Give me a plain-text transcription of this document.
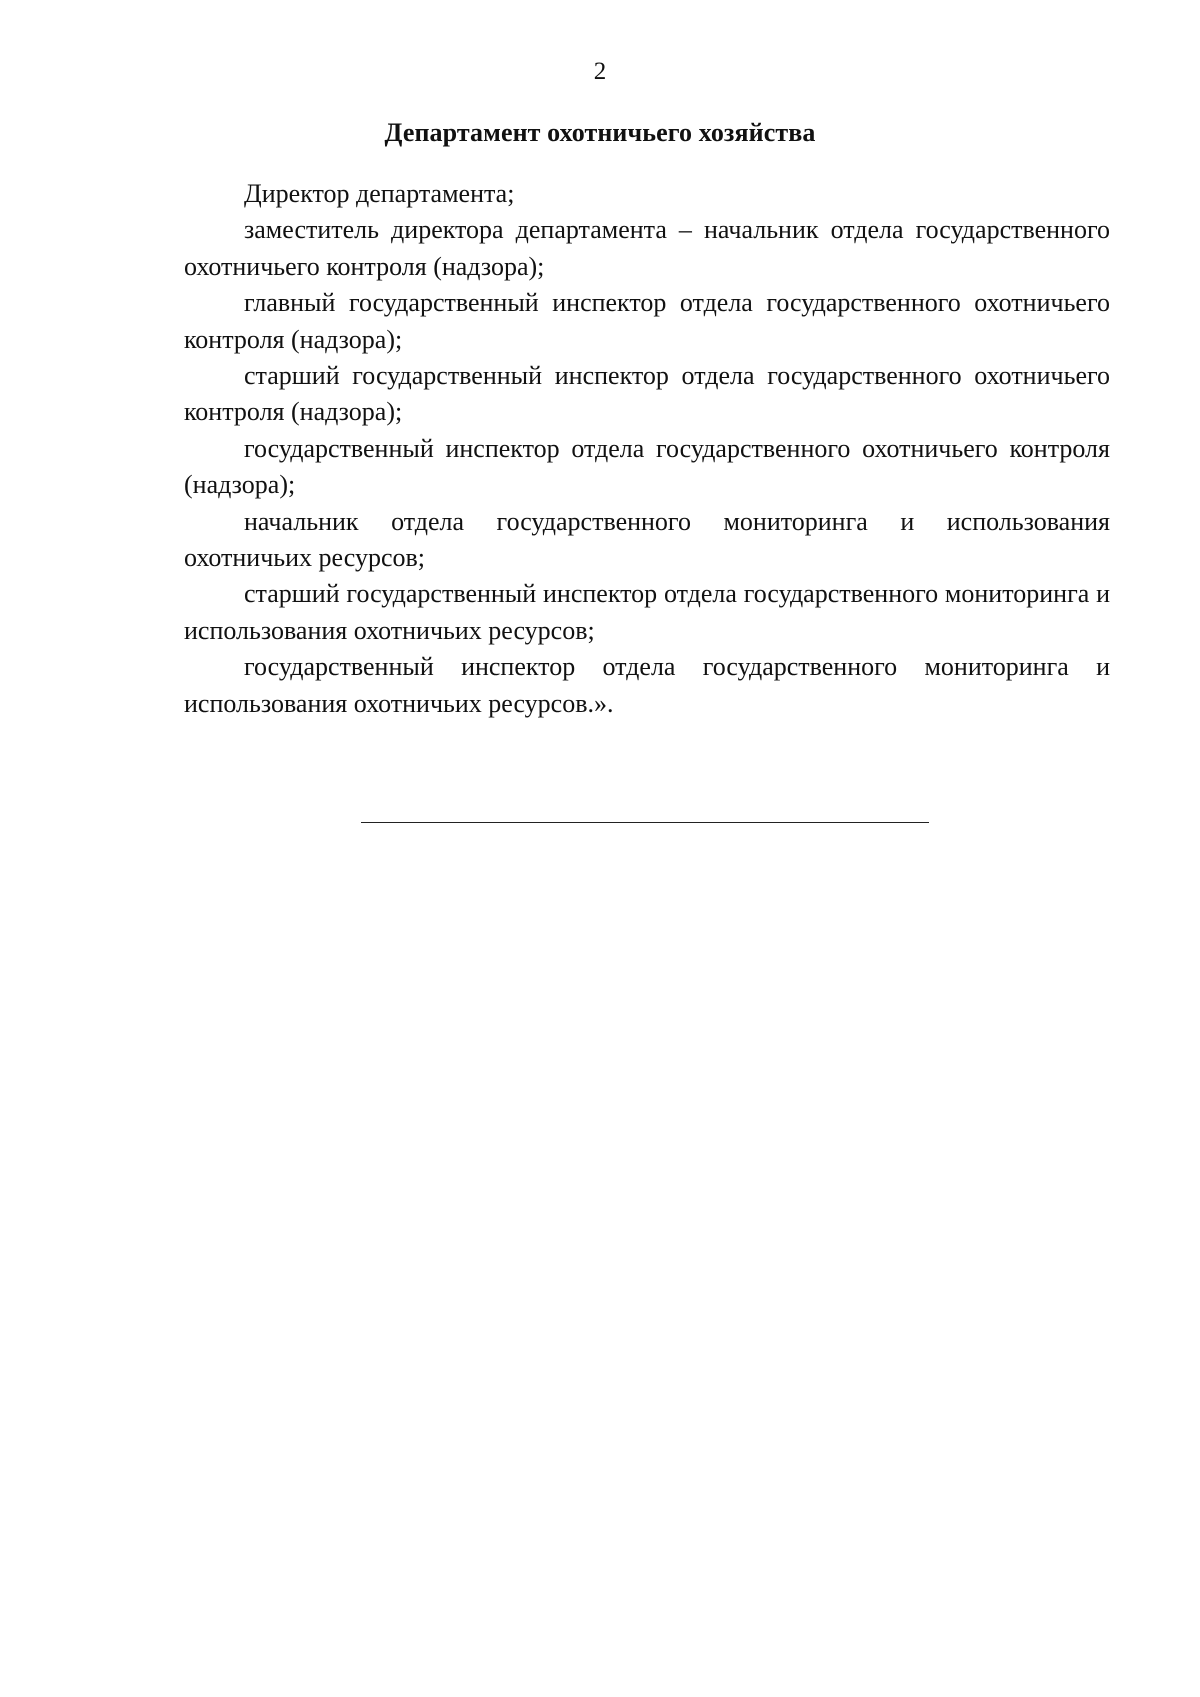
2
Департамент охотничьего хозяйства

Директор департамента;

заместитель директора департамента – начальник отдела государственного охотничьего контроля (надзора);

главный государственный инспектор отдела государственного охотничьего контроля (надзора);

старший государственный инспектор отдела государственного охотничьего контроля (надзора);

государственный инспектор отдела государственного охотничьего контроля (надзора);

начальник отдела государственного мониторинга и использования охотничьих ресурсов;

старший государственный инспектор отдела государственного мониторинга и использования охотничьих ресурсов;

государственный инспектор отдела государственного мониторинга и использования охотничьих ресурсов.».
